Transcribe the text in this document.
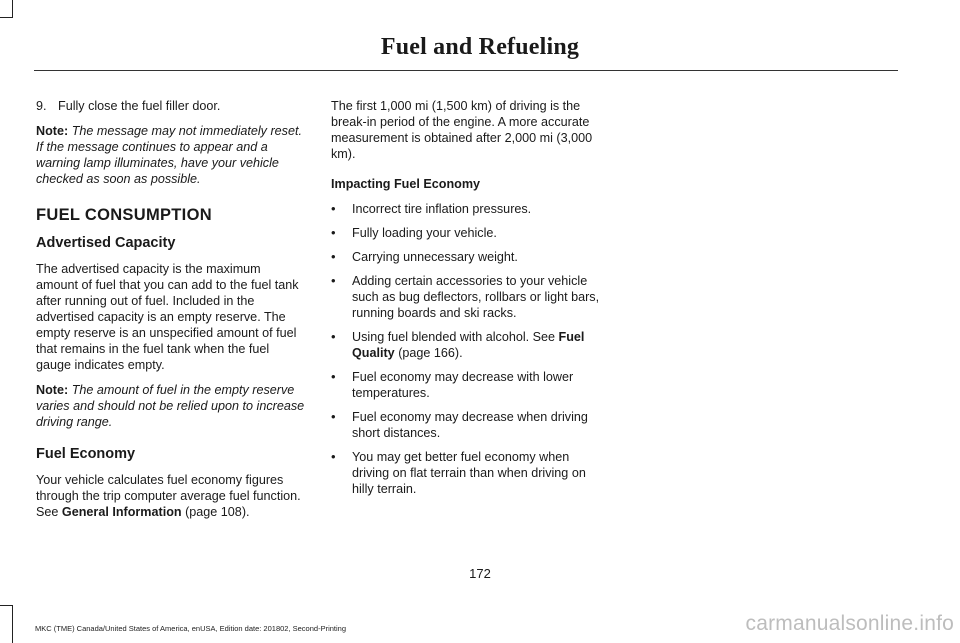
Fuel and Refueling
9. Fully close the fuel filler door.

Note: The message may not immediately reset. If the message continues to appear and a warning lamp illuminates, have your vehicle checked as soon as possible.

FUEL CONSUMPTION
Advertised Capacity

The advertised capacity is the maximum amount of fuel that you can add to the fuel tank after running out of fuel. Included in the advertised capacity is an empty reserve. The empty reserve is an unspecified amount of fuel that remains in the fuel tank when the fuel gauge indicates empty.

Note: The amount of fuel in the empty reserve varies and should not be relied upon to increase driving range.

Fuel Economy

Your vehicle calculates fuel economy figures through the trip computer average fuel function. See General Information (page 108).

The first 1,000 mi (1,500 km) of driving is the break-in period of the engine. A more accurate measurement is obtained after 2,000 mi (3,000 km).

Impacting Fuel Economy
•	Incorrect tire inflation pressures.
•	Fully loading your vehicle.
•	Carrying unnecessary weight.
•	Adding certain accessories to your vehicle such as bug deflectors, rollbars or light bars, running boards and ski racks.
•	Using fuel blended with alcohol. See Fuel Quality (page 166).
•	Fuel economy may decrease with lower temperatures.
•	Fuel economy may decrease when driving short distances.
•	You may get better fuel economy when driving on flat terrain than when driving on hilly terrain.
172
MKC (TME) Canada/United States of America, enUSA, Edition date: 201802, Second-Printing	carmanualsonline.info
